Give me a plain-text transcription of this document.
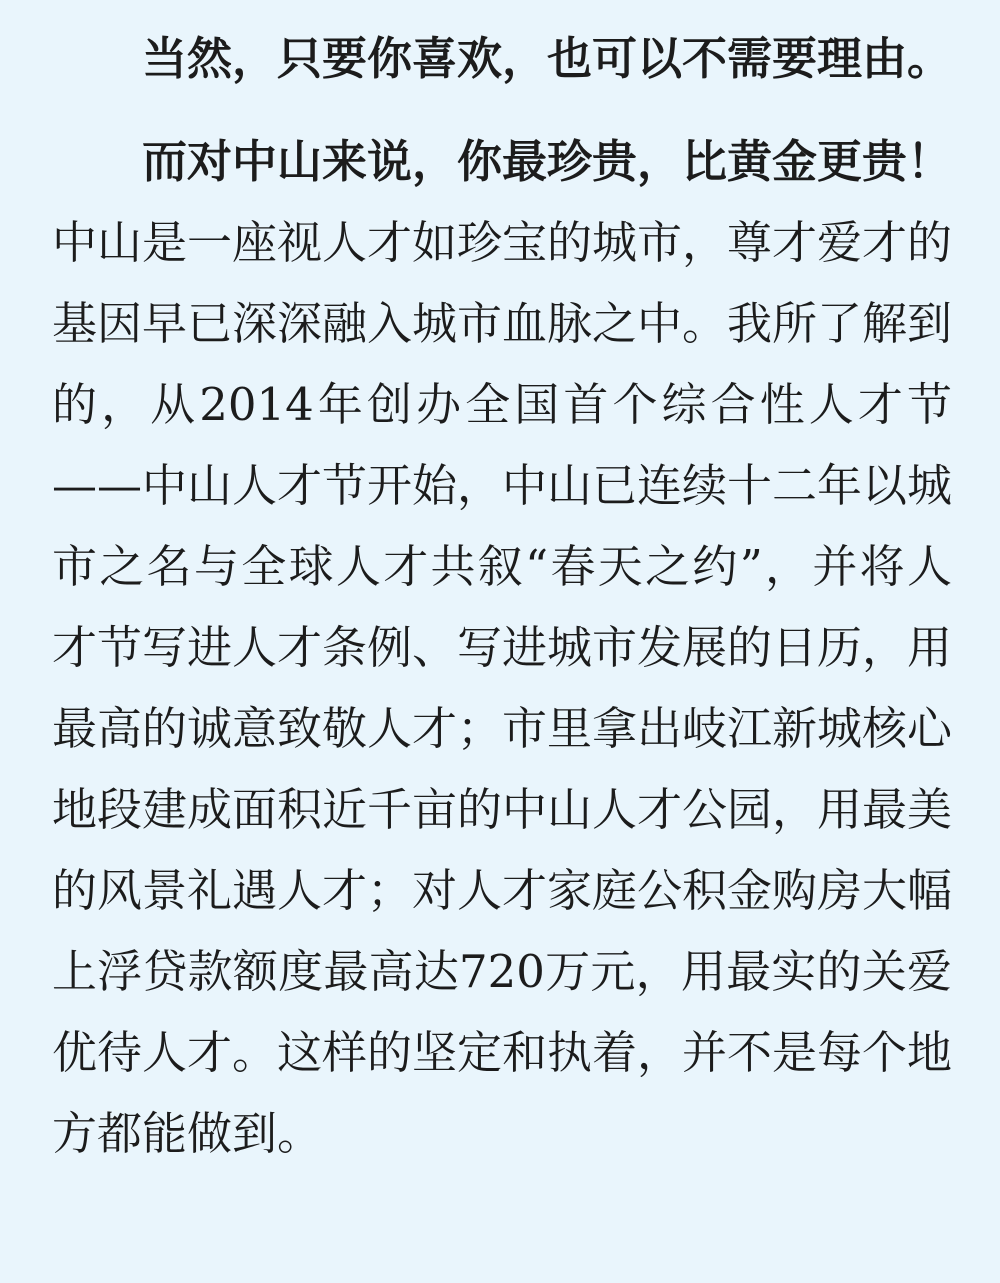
当然，只要你喜欢，也可以不需要理由。

而对中山来说，你最珍贵，比黄金更贵！中山是一座视人才如珍宝的城市，尊才爱才的基因早已深深融入城市血脉之中。我所了解到的，从2014年创办全国首个综合性人才节——中山人才节开始，中山已连续十二年以城市之名与全球人才共叙“春天之约”，并将人才节写进人才条例、写进城市发展的日历，用最高的诚意致敬人才；市里拿出岐江新城核心地段建成面积近千亩的中山人才公园，用最美的风景礼遇人才；对人才家庭公积金购房大幅上浮贷款额度最高达720万元，用最实的关爱优待人才。这样的坚定和执着，并不是每个地方都能做到。
